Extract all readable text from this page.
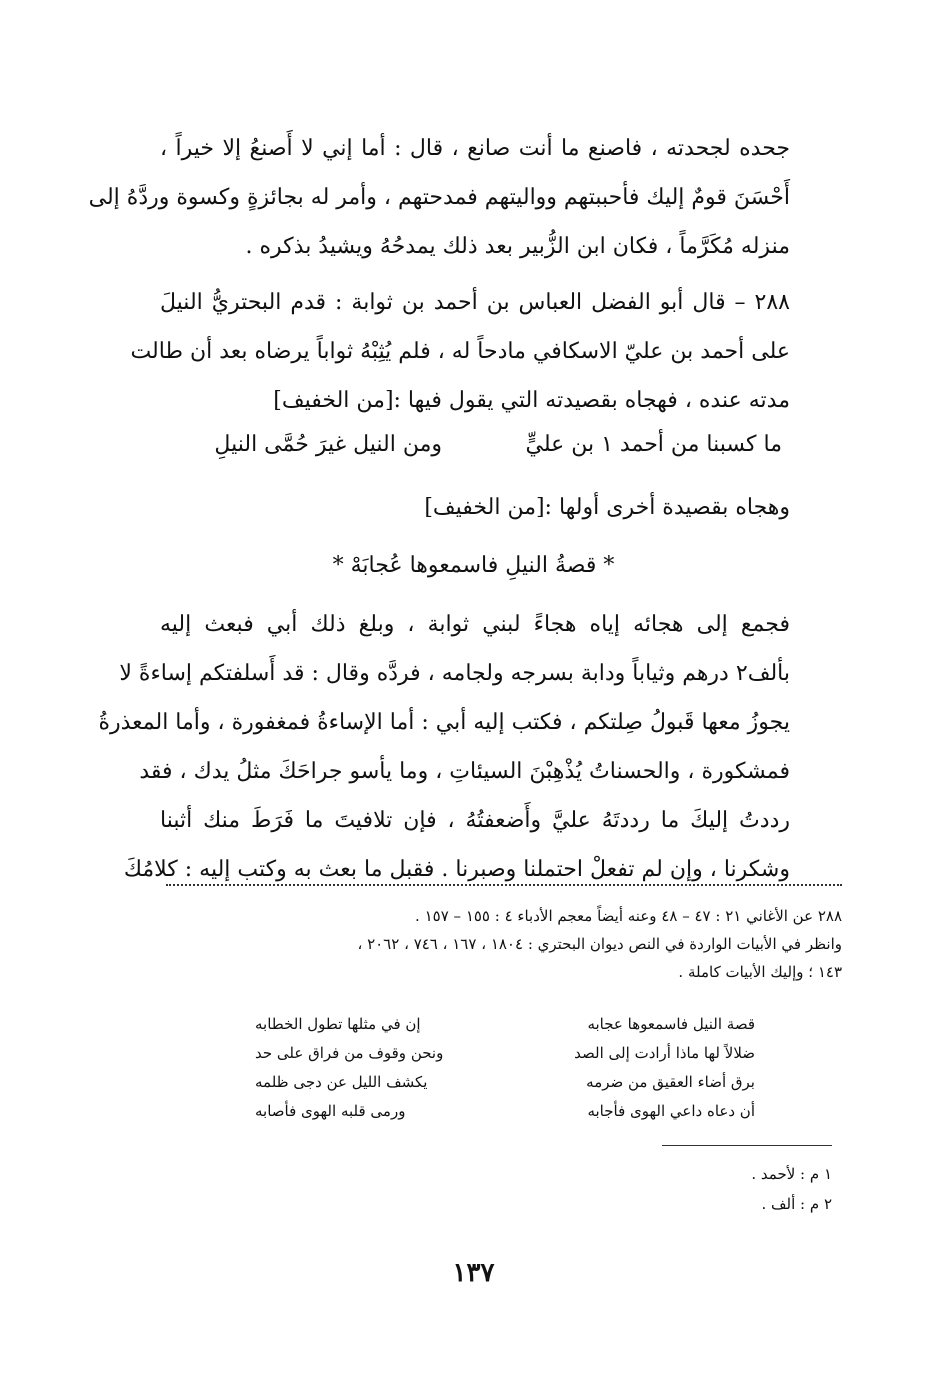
جحده لجحدته ، فاصنع ما أنت صانع ، قال : أما إني لا أَصنعُ إلا خيراً ،
أَحْسَنَ قومٌ إليك فأحببتهم وواليتهم فمدحتهم ، وأمر له بجائزةٍ وكسوة وردَّهُ إلى
منزله مُكَرَّماً ، فكان ابن الزُّبير بعد ذلك يمدحُهُ ويشيدُ بذكره .
٢٨٨ – قال أبو الفضل العباس بن أحمد بن ثوابة : قدم البحتريُّ النيلَ
على أحمد بن عليّ الاسكافي مادحاً له ، فلم يُثِبْهُ ثواباً يرضاه بعد أن طالت
مدته عنده ، فهجاه بقصيدته التي يقول فيها :[من الخفيف]
ما كسبنا من أحمد ١ بن عليٍّ
ومن النيل غيرَ حُمَّى النيلِ
وهجاه بقصيدة أخرى أولها :[من الخفيف]
* قصةُ النيلِ فاسمعوها عُجابَهْ *
فجمع إلى هجائه إياه هجاءً لبني ثوابة ، وبلغ ذلك أبي فبعث إليه
بألف٢ درهم وثياباً ودابة بسرجه ولجامه ، فردَّه وقال : قد أَسلفتكم إساءةً لا
يجوزُ معها قَبولُ صِلتكم ، فكتب إليه أبي : أما الإساءةُ فمغفورة ، وأما المعذرةُ
فمشكورة ، والحسناتُ يُذْهِبْنَ السيئاتِ ، وما يأسو جراحَكَ مثلُ يدك ، فقد
رددتُ إليكَ ما رددتَهُ عليَّ وأَضعفتُهُ ، فإن تلافيتَ ما فَرَطَ منك أثبنا
وشكرنا ، وإن لم تفعلْ احتملنا وصبرنا . فقبل ما بعث به وكتب إليه : كلامُكَ
٢٨٨ عن الأغاني ٢١ : ٤٧ – ٤٨ وعنه أيضاً معجم الأدباء ٤ : ١٥٥ – ١٥٧ .
وانظر في الأبيات الواردة في النص ديوان البحتري : ١٨٠٤ ، ١٦٧ ، ٧٤٦ ، ٢٠٦٢ ،
١٤٣ ؛ وإليك الأبيات كاملة .
قصة النيل فاسمعوها عجابه
إن في مثلها تطول الخطابه
ضلالاً لها ماذا أرادت إلى الصد
ونحن وقوف من فراق على حد
برق أضاء العقيق من ضرمه
يكشف الليل عن دجى ظلمه
أن دعاه داعي الهوى فأجابه
ورمى قلبه الهوى فأصابه
١ م : لأحمد .
٢ م : ألف .
١٣٧
